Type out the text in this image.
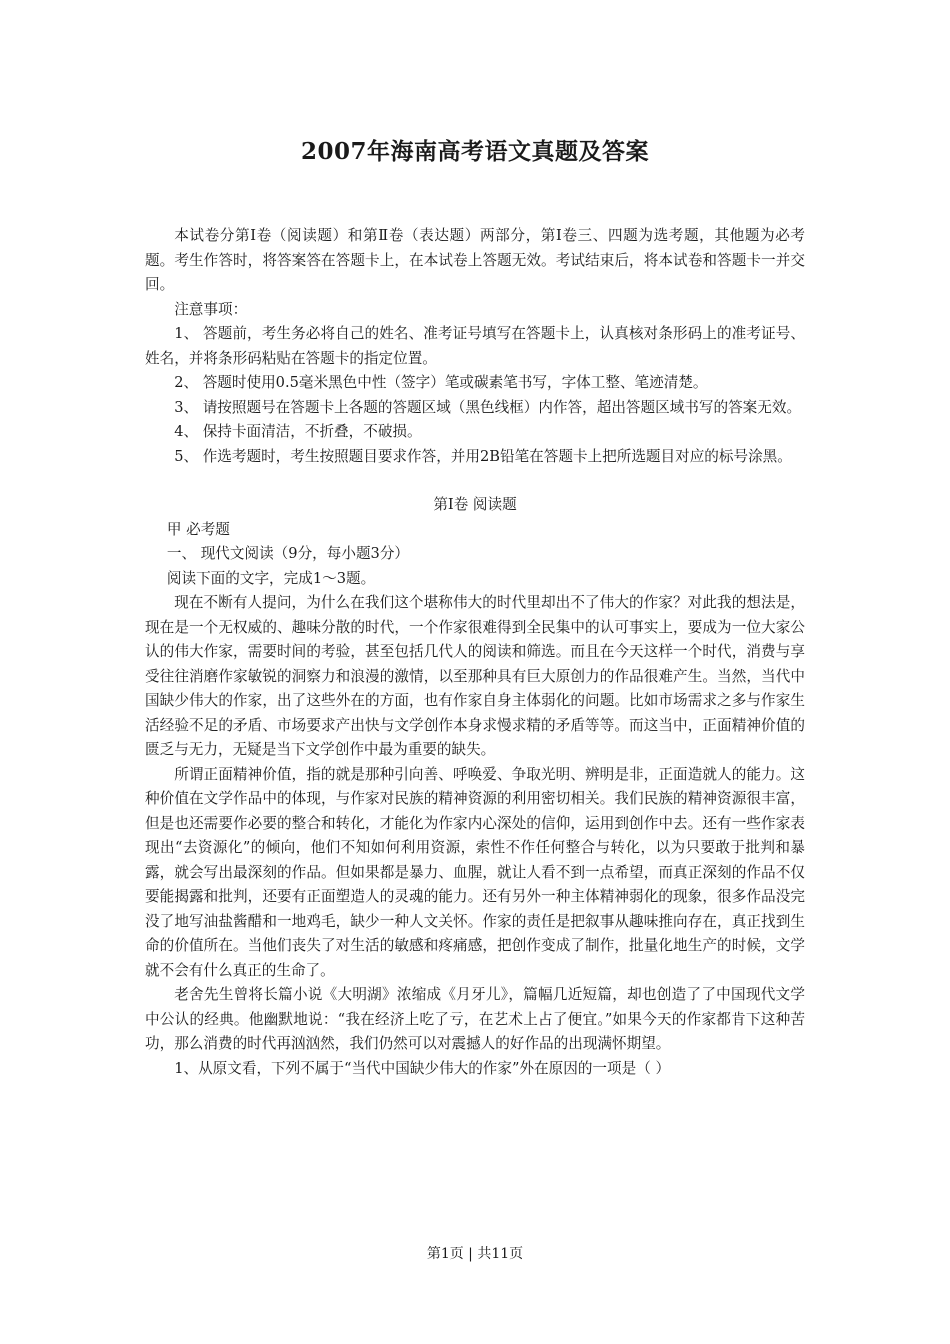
2007年海南高考语文真题及答案

本试卷分第Ⅰ卷（阅读题）和第Ⅱ卷（表达题）两部分，第Ⅰ卷三、四题为选考题，其他题为必考题。考生作答时，将答案答在答题卡上，在本试卷上答题无效。考试结束后，将本试卷和答题卡一并交回。

注意事项：

1、 答题前，考生务必将自己的姓名、准考证号填写在答题卡上，认真核对条形码上的准考证号、姓名，并将条形码粘贴在答题卡的指定位置。

2、 答题时使用0.5毫米黑色中性（签字）笔或碳素笔书写，字体工整、笔迹清楚。

3、 请按照题号在答题卡上各题的答题区域（黑色线框）内作答，超出答题区域书写的答案无效。

4、 保持卡面清洁，不折叠，不破损。

5、 作选考题时，考生按照题目要求作答，并用2B铅笔在答题卡上把所选题目对应的标号涂黑。

第Ⅰ卷 阅读题

甲 必考题

一、 现代文阅读（9分，每小题3分）

阅读下面的文字，完成1～3题。

现在不断有人提问，为什么在我们这个堪称伟大的时代里却出不了伟大的作家？对此我的想法是，现在是一个无权威的、趣味分散的时代，一个作家很难得到全民集中的认可事实上，要成为一位大家公认的伟大作家，需要时间的考验，甚至包括几代人的阅读和筛选。而且在今天这样一个时代，消费与享受往往消磨作家敏锐的洞察力和浪漫的激情，以至那种具有巨大原创力的作品很难产生。当然，当代中国缺少伟大的作家，出了这些外在的方面，也有作家自身主体弱化的问题。比如市场需求之多与作家生活经验不足的矛盾、市场要求产出快与文学创作本身求慢求精的矛盾等等。而这当中，正面精神价值的匮乏与无力，无疑是当下文学创作中最为重要的缺失。

所谓正面精神价值，指的就是那种引向善、呼唤爱、争取光明、辨明是非，正面造就人的能力。这种价值在文学作品中的体现，与作家对民族的精神资源的利用密切相关。我们民族的精神资源很丰富，但是也还需要作必要的整合和转化，才能化为作家内心深处的信仰，运用到创作中去。还有一些作家表现出“去资源化”的倾向，他们不知如何利用资源，索性不作任何整合与转化，以为只要敢于批判和暴露，就会写出最深刻的作品。但如果都是暴力、血腥，就让人看不到一点希望，而真正深刻的作品不仅要能揭露和批判，还要有正面塑造人的灵魂的能力。还有另外一种主体精神弱化的现象，很多作品没完没了地写油盐酱醋和一地鸡毛，缺少一种人文关怀。作家的责任是把叙事从趣味推向存在，真正找到生命的价值所在。当他们丧失了对生活的敏感和疼痛感，把创作变成了制作，批量化地生产的时候，文学就不会有什么真正的生命了。

老舍先生曾将长篇小说《大明湖》浓缩成《月牙儿》，篇幅几近短篇，却也创造了了中国现代文学中公认的经典。他幽默地说：“我在经济上吃了亏，在艺术上占了便宜。”如果今天的作家都肯下这种苦功，那么消费的时代再汹汹然，我们仍然可以对震撼人的好作品的出现满怀期望。

1、从原文看，下列不属于“当代中国缺少伟大的作家”外在原因的一项是（ ）

第1页 | 共11页
